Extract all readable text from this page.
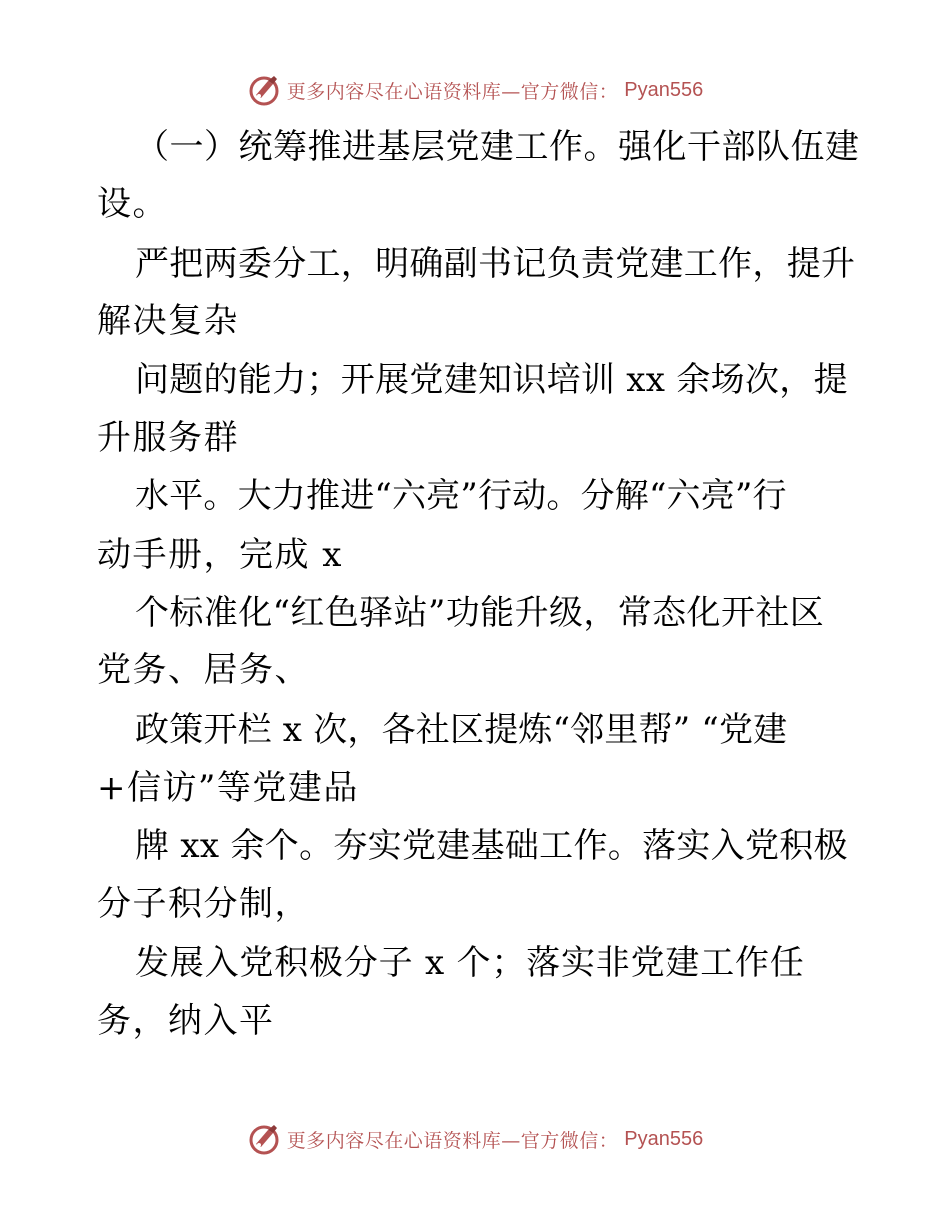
更多内容尽在心语资料库—官方微信： Pyan556
（一）统筹推进基层党建工作。强化干部队伍建
设。
严把两委分工，明确副书记负责党建工作，提升
解决复杂
问题的能力；开展党建知识培训 xx 余场次，提
升服务群
水平。大力推进“六亮”行动。分解“六亮”行
动手册，完成 x
个标准化“红色驿站”功能升级，常态化开社区
党务、居务、
政策开栏 x 次，各社区提炼“邻里帮” “党建
+信访”等党建品
牌 xx 余个。夯实党建基础工作。落实入党积极
分子积分制，
发展入党积极分子 x 个；落实非党建工作任
务，纳入平
更多内容尽在心语资料库—官方微信： Pyan556
